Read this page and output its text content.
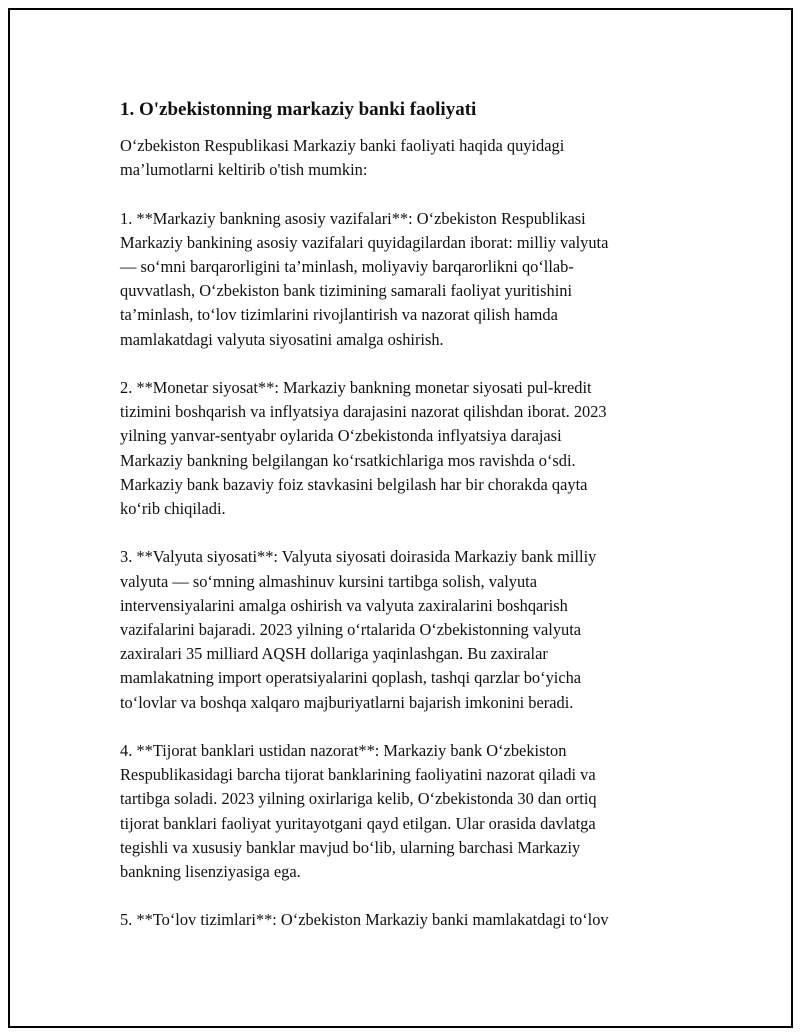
1. O'zbekistonning markaziy banki faoliyati

O‘zbekiston Respublikasi Markaziy banki faoliyati haqida quyidagi
ma’lumotlarni keltirib o'tish mumkin:

1. **Markaziy bankning asosiy vazifalari**: O‘zbekiston Respublikasi
Markaziy bankining asosiy vazifalari quyidagilardan iborat: milliy valyuta
— so‘mni barqarorligini ta’minlash, moliyaviy barqarorlikni qo‘llab-
quvvatlash, O‘zbekiston bank tizimining samarali faoliyat yuritishini
ta’minlash, to‘lov tizimlarini rivojlantirish va nazorat qilish hamda
mamlakatdagi valyuta siyosatini amalga oshirish.

2. **Monetar siyosat**: Markaziy bankning monetar siyosati pul-kredit
tizimini boshqarish va inflyatsiya darajasini nazorat qilishdan iborat. 2023
yilning yanvar-sentyabr oylarida O‘zbekistonda inflyatsiya darajasi
Markaziy bankning belgilangan ko‘rsatkichlariga mos ravishda o‘sdi.
Markaziy bank bazaviy foiz stavkasini belgilash har bir chorakda qayta
ko‘rib chiqiladi.

3. **Valyuta siyosati**: Valyuta siyosati doirasida Markaziy bank milliy
valyuta — so‘mning almashinuv kursini tartibga solish, valyuta
intervensiyalarini amalga oshirish va valyuta zaxiralarini boshqarish
vazifalarini bajaradi. 2023 yilning o‘rtalarida O‘zbekistonning valyuta
zaxiralari 35 milliard AQSH dollariga yaqinlashgan. Bu zaxiralar
mamlakatning import operatsiyalarini qoplash, tashqi qarzlar bo‘yicha
to‘lovlar va boshqa xalqaro majburiyatlarni bajarish imkonini beradi.

4. **Tijorat banklari ustidan nazorat**: Markaziy bank O‘zbekiston
Respublikasidagi barcha tijorat banklarining faoliyatini nazorat qiladi va
tartibga soladi. 2023 yilning oxirlariga kelib, O‘zbekistonda 30 dan ortiq
tijorat banklari faoliyat yuritayotgani qayd etilgan. Ular orasida davlatga
tegishli va xususiy banklar mavjud bo‘lib, ularning barchasi Markaziy
bankning lisenziyasiga ega.

5. **To‘lov tizimlari**: O‘zbekiston Markaziy banki mamlakatdagi to‘lov
